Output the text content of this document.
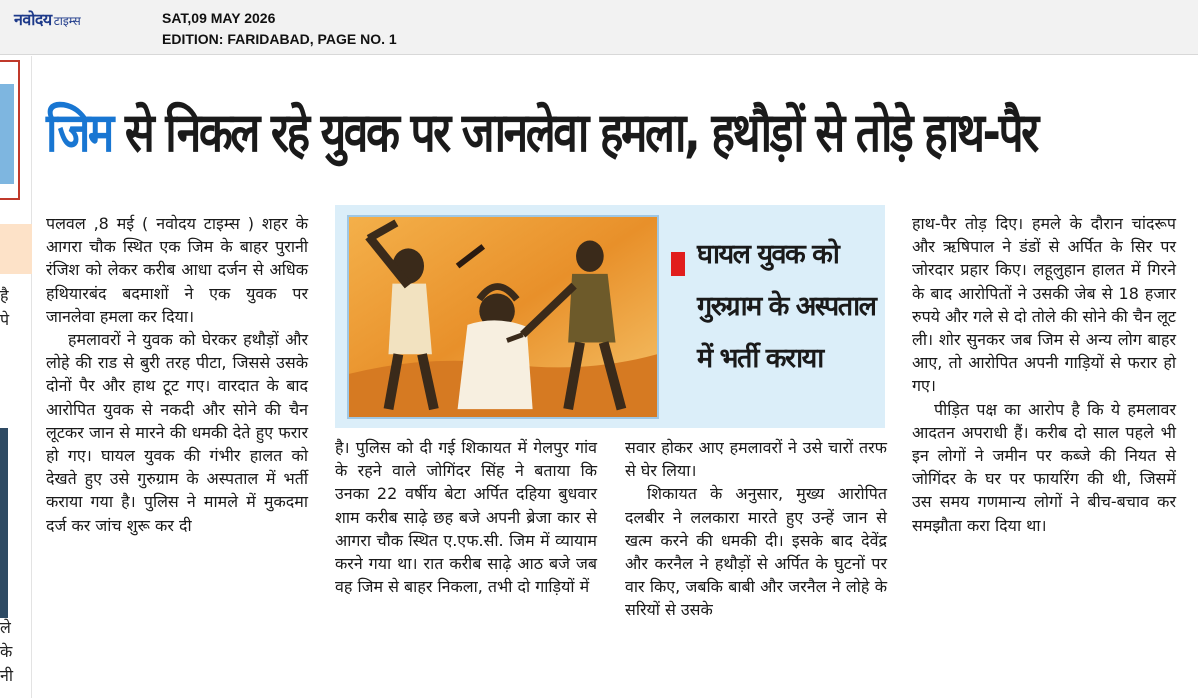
नवोदय टाइम्स	SAT,09 MAY 2026
EDITION: FARIDABAD, PAGE NO. 1
है
पे
ले
के
नी
जिम से निकल रहे युवक पर जानलेवा हमला, हथौड़ों से तोड़े हाथ-पैर

पलवल ,8 मई ( नवोदय टाइम्स ) शहर के आगरा चौक स्थित एक जिम के बाहर पुरानी रंजिश को लेकर करीब आधा दर्जन से अधिक हथियारबंद बदमाशों ने एक युवक पर जानलेवा हमला कर दिया।

हमलावरों ने युवक को घेरकर हथौड़ों और लोहे की राड से बुरी तरह पीटा, जिससे उसके दोनों पैर और हाथ टूट गए। वारदात के बाद आरोपित युवक से नकदी और सोने की चैन लूटकर जान से मारने की धमकी देते हुए फरार हो गए। घायल युवक की गंभीर हालत को देखते हुए उसे गुरुग्राम के अस्पताल में भर्ती कराया गया है। पुलिस ने मामले में मुकदमा दर्ज कर जांच शुरू कर दी

घायल युवक को गुरुग्राम के अस्पताल में भर्ती कराया

है। पुलिस को दी गई शिकायत में गेलपुर गांव के रहने वाले जोगिंदर सिंह ने बताया कि उनका 22 वर्षीय बेटा अर्पित दहिया बुधवार शाम करीब साढ़े छह बजे अपनी ब्रेजा कार से आगरा चौक स्थित ए.एफ.सी. जिम में व्यायाम करने गया था। रात करीब साढ़े आठ बजे जब वह जिम से बाहर निकला, तभी दो गाड़ियों में

सवार होकर आए हमलावरों ने उसे चारों तरफ से घेर लिया।

शिकायत के अनुसार, मुख्य आरोपित दलबीर ने ललकारा मारते हुए उन्हें जान से खत्म करने की धमकी दी। इसके बाद देवेंद्र और करनैल ने हथौड़ों से अर्पित के घुटनों पर वार किए, जबकि बाबी और जरनैल ने लोहे के सरियों से उसके

हाथ-पैर तोड़ दिए। हमले के दौरान चांदरूप और ऋषिपाल ने डंडों से अर्पित के सिर पर जोरदार प्रहार किए। लहूलुहान हालत में गिरने के बाद आरोपितों ने उसकी जेब से 18 हजार रुपये और गले से दो तोले की सोने की चैन लूट ली। शोर सुनकर जब जिम से अन्य लोग बाहर आए, तो आरोपित अपनी गाड़ियों से फरार हो गए।

पीड़ित पक्ष का आरोप है कि ये हमलावर आदतन अपराधी हैं। करीब दो साल पहले भी इन लोगों ने जमीन पर कब्जे की नियत से जोगिंदर के घर पर फायरिंग की थी, जिसमें उस समय गणमान्य लोगों ने बीच-बचाव कर समझौता करा दिया था।
